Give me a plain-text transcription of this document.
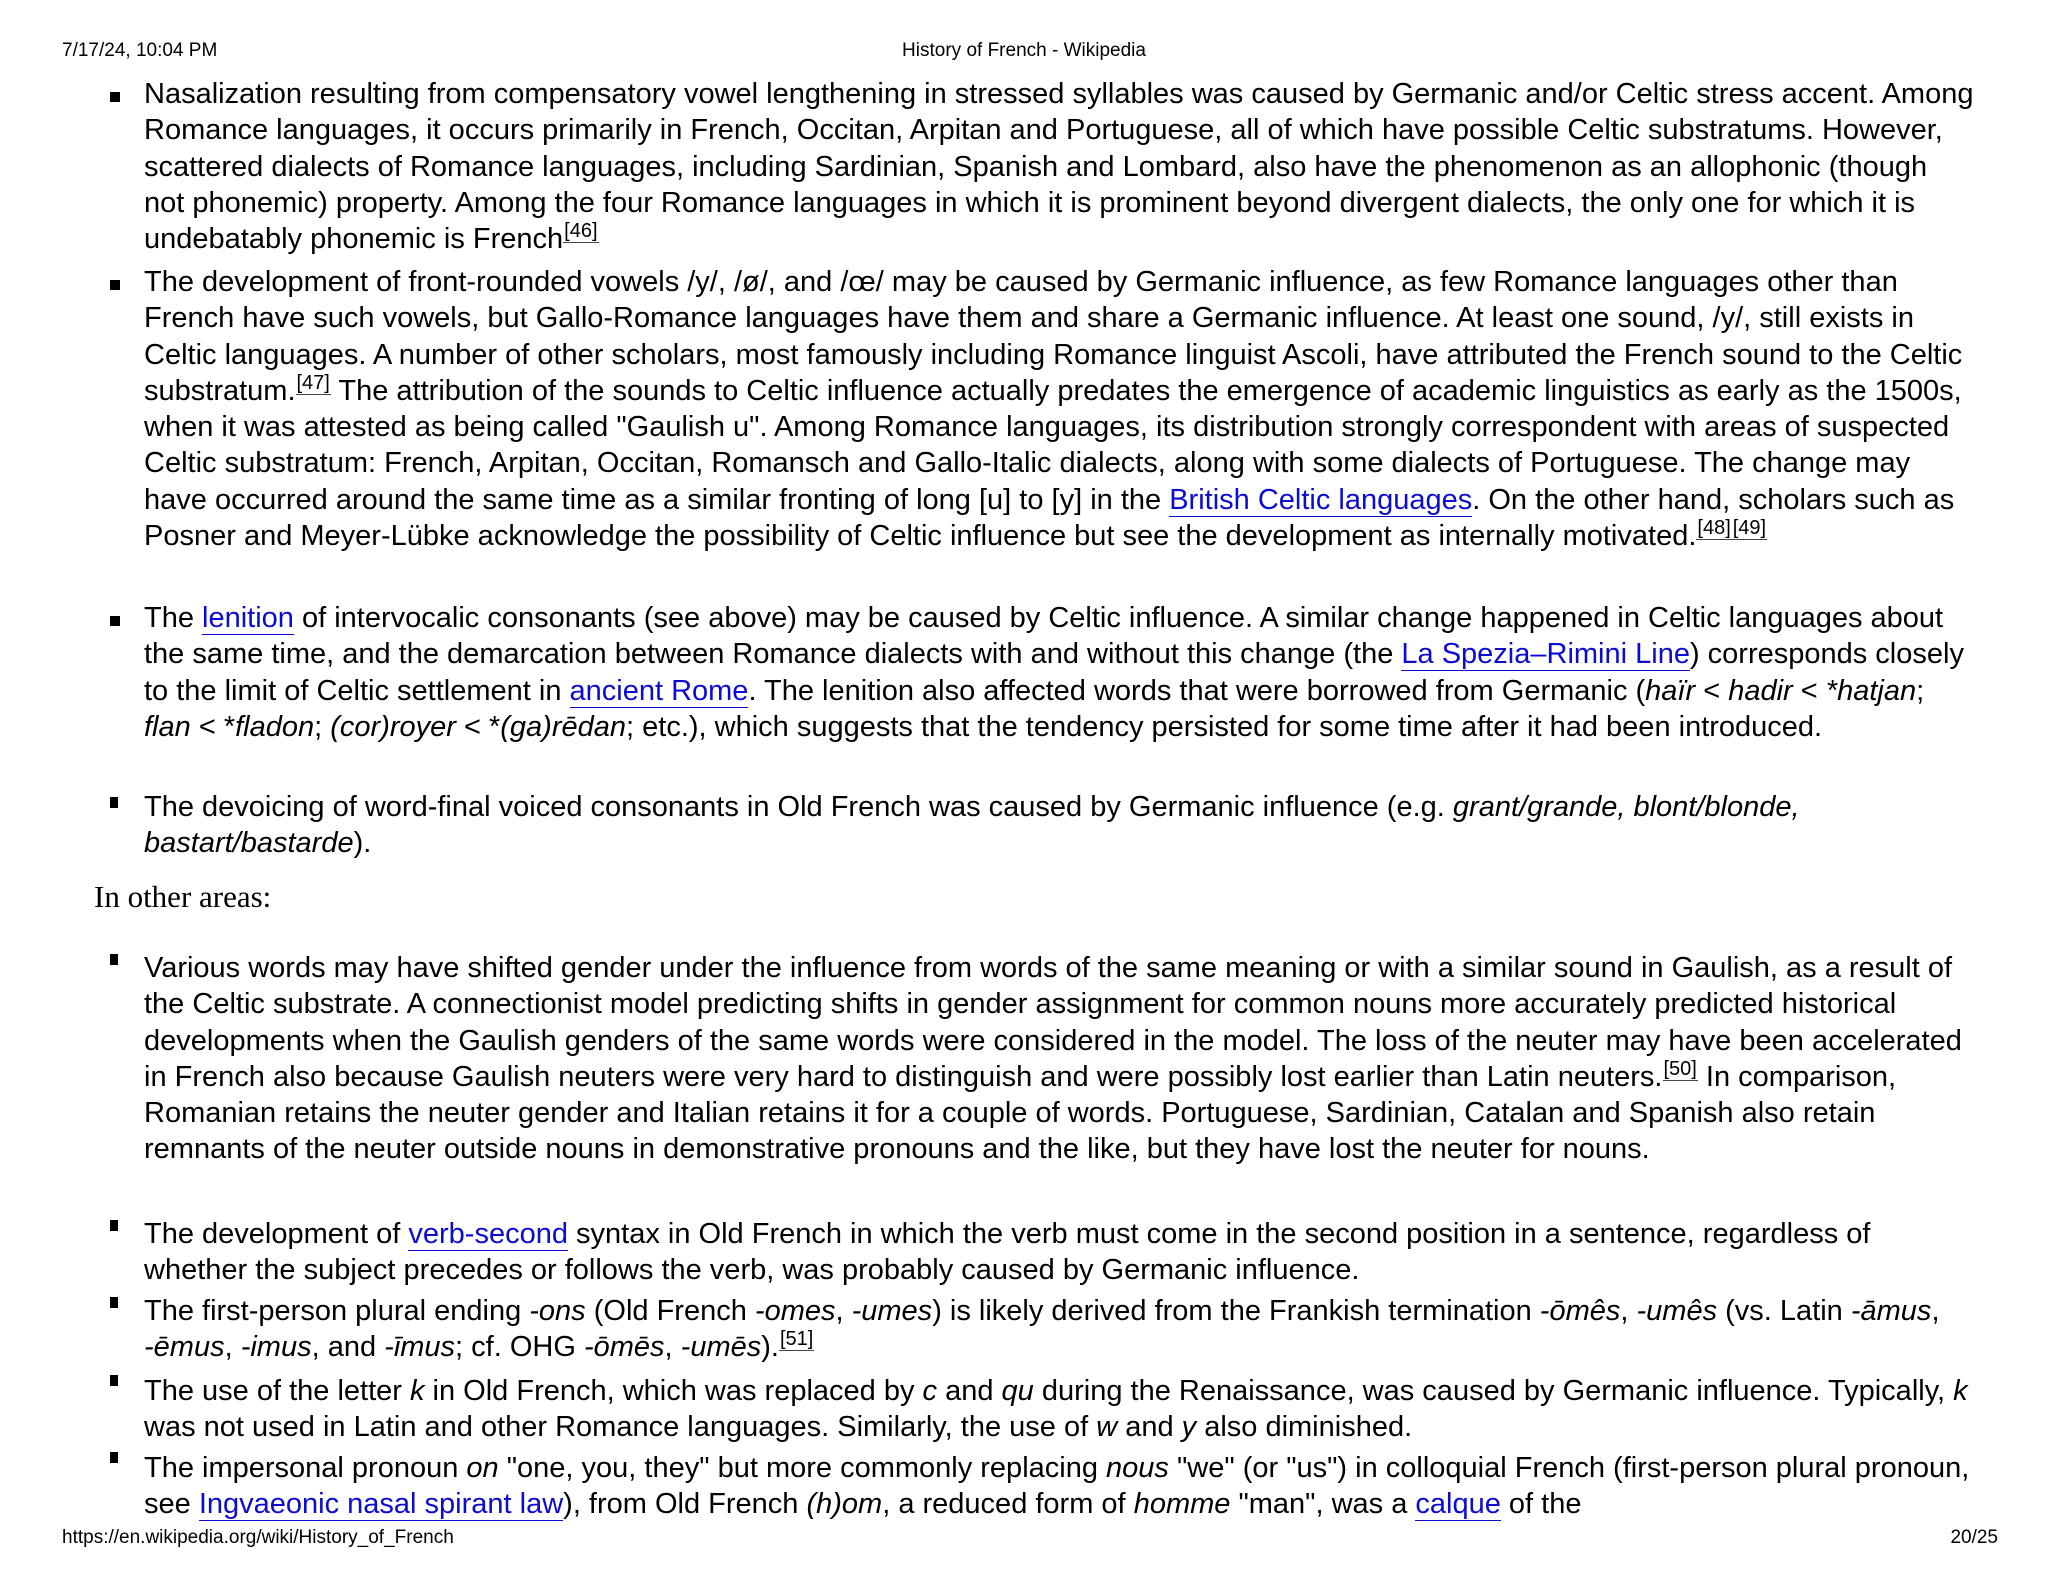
7/17/24, 10:04 PM	History of French - Wikipedia
Nasalization resulting from compensatory vowel lengthening in stressed syllables was caused by Germanic and/or Celtic stress accent. Among Romance languages, it occurs primarily in French, Occitan, Arpitan and Portuguese, all of which have possible Celtic substratums. However, scattered dialects of Romance languages, including Sardinian, Spanish and Lombard, also have the phenomenon as an allophonic (though not phonemic) property. Among the four Romance languages in which it is prominent beyond divergent dialects, the only one for which it is undebatably phonemic is French[46]
The development of front-rounded vowels /y/, /ø/, and /œ/ may be caused by Germanic influence, as few Romance languages other than French have such vowels, but Gallo-Romance languages have them and share a Germanic influence. At least one sound, /y/, still exists in Celtic languages. A number of other scholars, most famously including Romance linguist Ascoli, have attributed the French sound to the Celtic substratum.[47] The attribution of the sounds to Celtic influence actually predates the emergence of academic linguistics as early as the 1500s, when it was attested as being called "Gaulish u". Among Romance languages, its distribution strongly correspondent with areas of suspected Celtic substratum: French, Arpitan, Occitan, Romansch and Gallo-Italic dialects, along with some dialects of Portuguese. The change may have occurred around the same time as a similar fronting of long [u] to [y] in the British Celtic languages. On the other hand, scholars such as Posner and Meyer-Lübke acknowledge the possibility of Celtic influence but see the development as internally motivated.[48] [49]
The lenition of intervocalic consonants (see above) may be caused by Celtic influence. A similar change happened in Celtic languages about the same time, and the demarcation between Romance dialects with and without this change (the La Spezia–Rimini Line) corresponds closely to the limit of Celtic settlement in ancient Rome. The lenition also affected words that were borrowed from Germanic (haïr < hadir < *hatjan; flan < *fladon; (cor)royer < *(ga)rēdan; etc.), which suggests that the tendency persisted for some time after it had been introduced.
The devoicing of word-final voiced consonants in Old French was caused by Germanic influence (e.g. grant/grande, blont/blonde, bastart/bastarde).
In other areas:
Various words may have shifted gender under the influence from words of the same meaning or with a similar sound in Gaulish, as a result of the Celtic substrate. A connectionist model predicting shifts in gender assignment for common nouns more accurately predicted historical developments when the Gaulish genders of the same words were considered in the model. The loss of the neuter may have been accelerated in French also because Gaulish neuters were very hard to distinguish and were possibly lost earlier than Latin neuters.[50] In comparison, Romanian retains the neuter gender and Italian retains it for a couple of words. Portuguese, Sardinian, Catalan and Spanish also retain remnants of the neuter outside nouns in demonstrative pronouns and the like, but they have lost the neuter for nouns.
The development of verb-second syntax in Old French in which the verb must come in the second position in a sentence, regardless of whether the subject precedes or follows the verb, was probably caused by Germanic influence.
The first-person plural ending -ons (Old French -omes, -umes) is likely derived from the Frankish termination -ōmês, -umês (vs. Latin -āmus, -ēmus, -imus, and -īmus; cf. OHG -ōmēs, -umēs).[51]
The use of the letter k in Old French, which was replaced by c and qu during the Renaissance, was caused by Germanic influence. Typically, k was not used in Latin and other Romance languages. Similarly, the use of w and y also diminished.
The impersonal pronoun on "one, you, they" but more commonly replacing nous "we" (or "us") in colloquial French (first-person plural pronoun, see Ingvaeonic nasal spirant law), from Old French (h)om, a reduced form of homme "man", was a calque of the
https://en.wikipedia.org/wiki/History_of_French	20/25
